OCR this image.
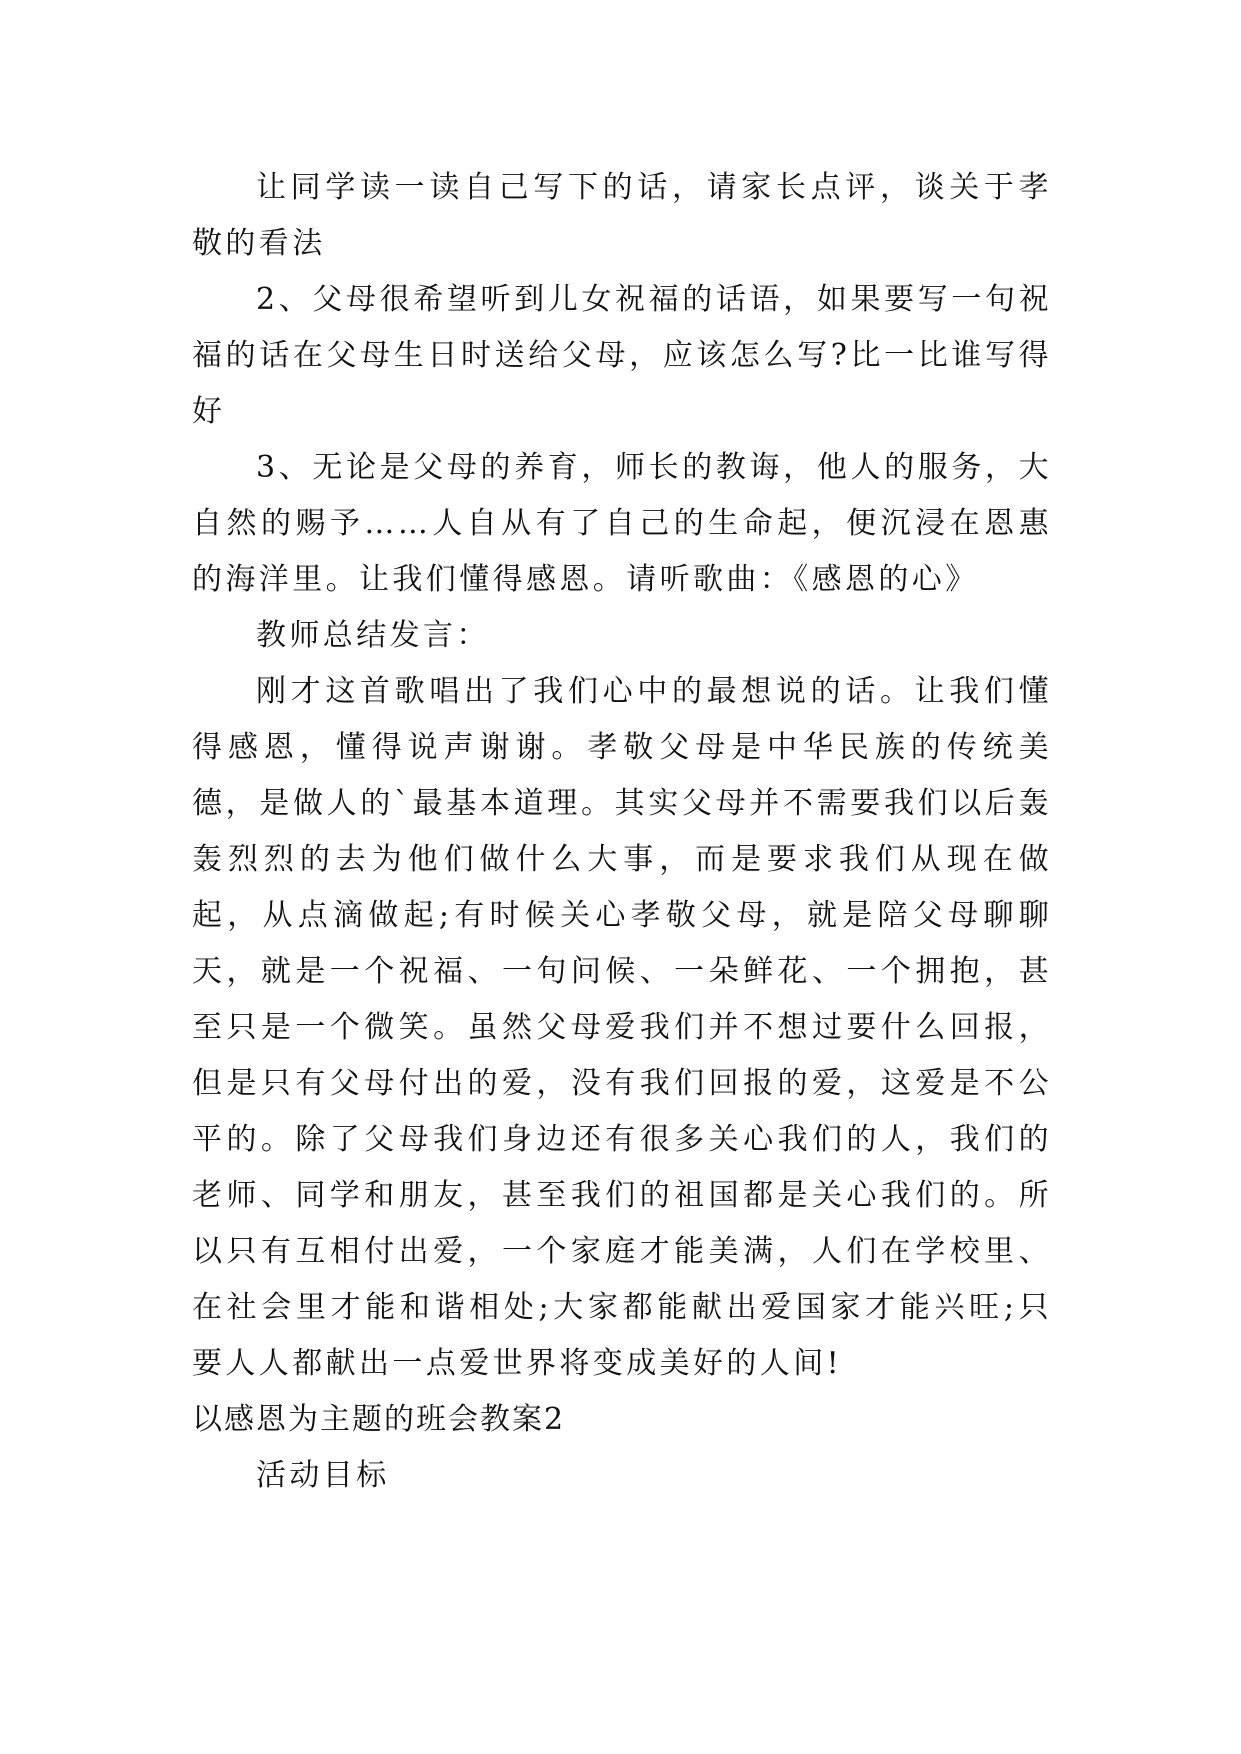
让同学读一读自己写下的话，请家长点评，谈关于孝敬的看法

2、父母很希望听到儿女祝福的话语，如果要写一句祝福的话在父母生日时送给父母，应该怎么写?比一比谁写得好

3、无论是父母的养育，师长的教诲，他人的服务，大自然的赐予……人自从有了自己的生命起，便沉浸在恩惠的海洋里。让我们懂得感恩。请听歌曲：《感恩的心》

教师总结发言：

刚才这首歌唱出了我们心中的最想说的话。让我们懂得感恩，懂得说声谢谢。孝敬父母是中华民族的传统美德，是做人的`最基本道理。其实父母并不需要我们以后轰轰烈烈的去为他们做什么大事，而是要求我们从现在做起，从点滴做起;有时候关心孝敬父母，就是陪父母聊聊天，就是一个祝福、一句问候、一朵鲜花、一个拥抱，甚至只是一个微笑。虽然父母爱我们并不想过要什么回报，但是只有父母付出的爱，没有我们回报的爱，这爱是不公平的。除了父母我们身边还有很多关心我们的人，我们的老师、同学和朋友，甚至我们的祖国都是关心我们的。所以只有互相付出爱，一个家庭才能美满，人们在学校里、在社会里才能和谐相处;大家都能献出爱国家才能兴旺;只要人人都献出一点爱世界将变成美好的人间!

以感恩为主题的班会教案2

活动目标
